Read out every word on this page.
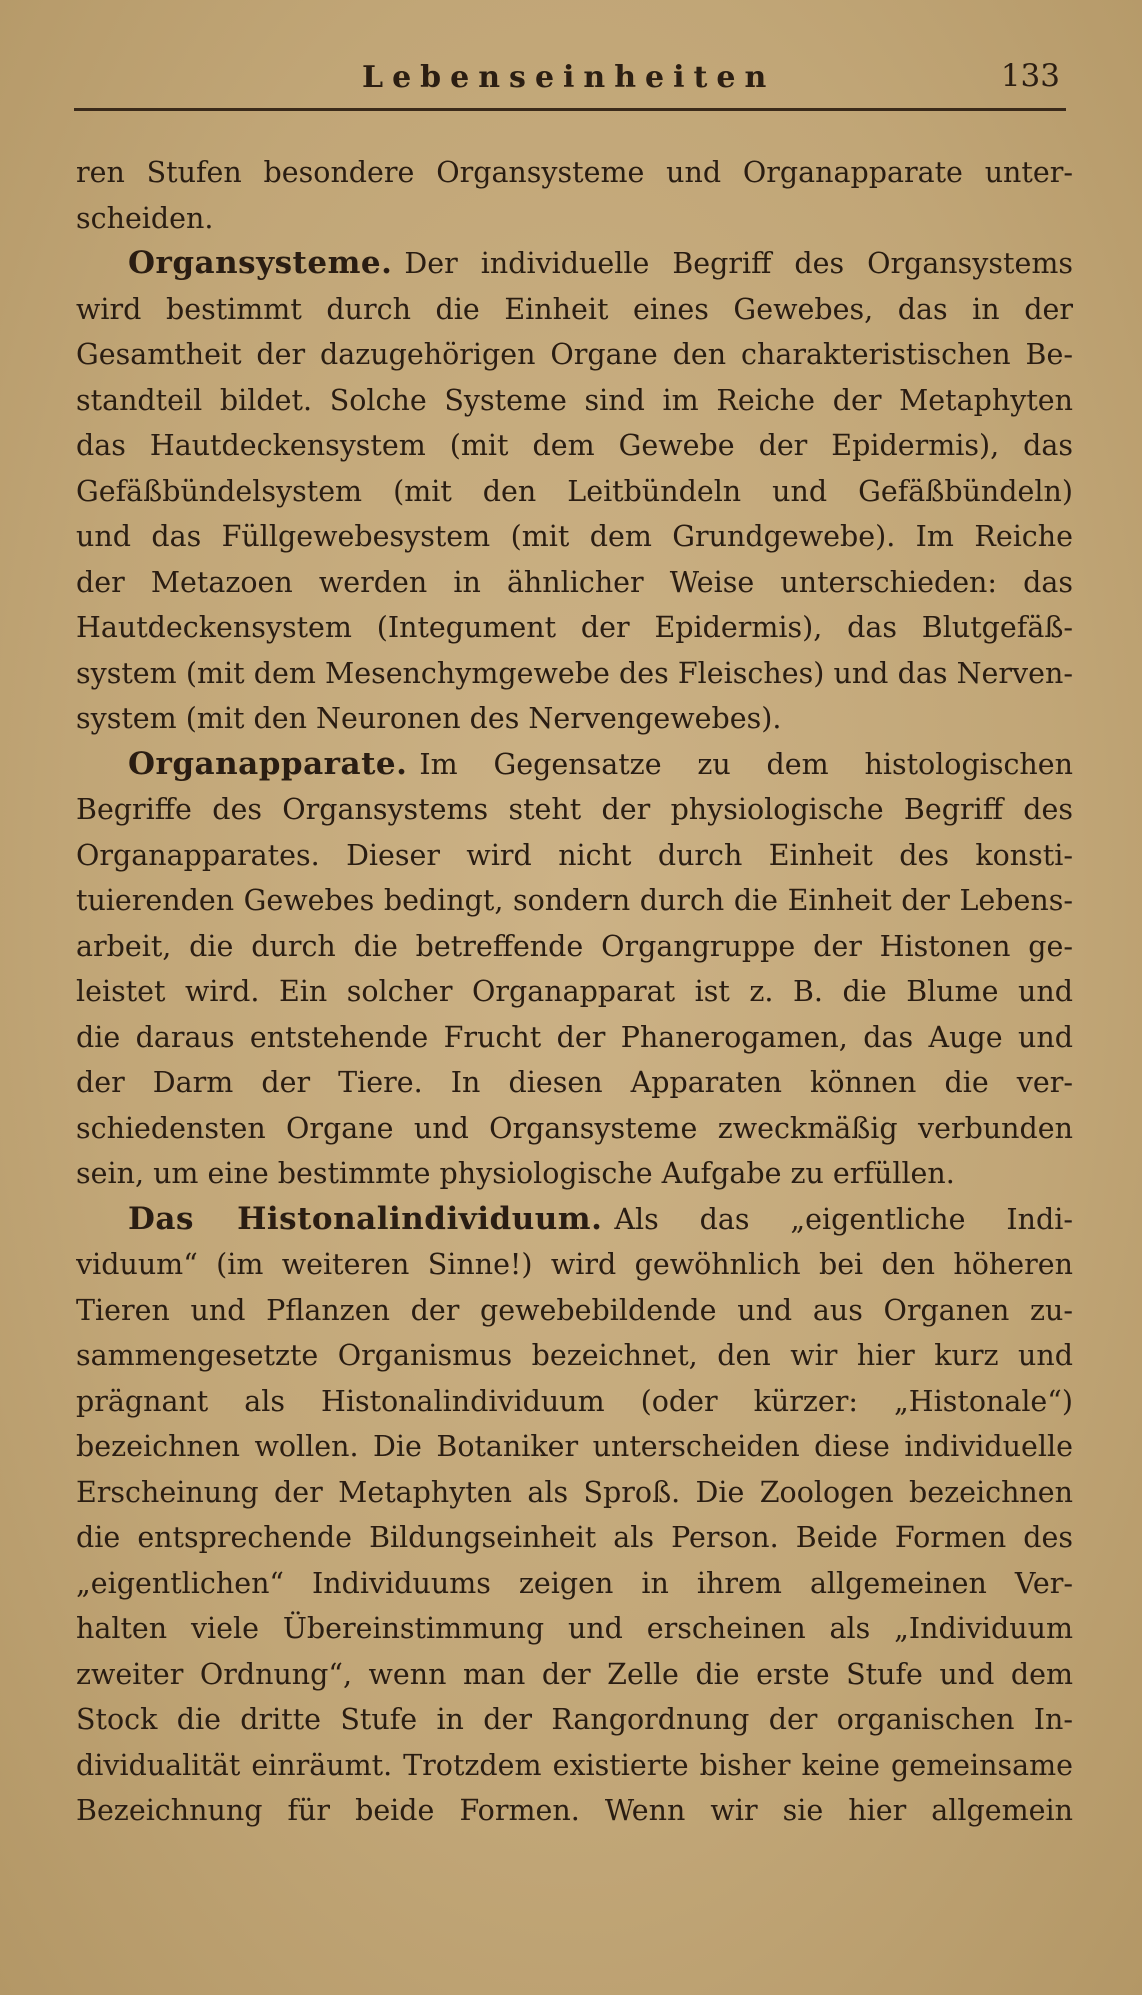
Lebenseinheiten	133
ren Stufen besondere Organsysteme und Organapparate unter-
scheiden.
Organsysteme. Der individuelle Begriff des Organsystems
wird bestimmt durch die Einheit eines Gewebes, das in der
Gesamtheit der dazugehörigen Organe den charakteristischen Be-
standteil bildet. Solche Systeme sind im Reiche der Metaphyten
das Hautdeckensystem (mit dem Gewebe der Epidermis), das
Gefäßbündelsystem (mit den Leitbündeln und Gefäßbündeln)
und das Füllgewebesystem (mit dem Grundgewebe). Im Reiche
der Metazoen werden in ähnlicher Weise unterschieden: das
Hautdeckensystem (Integument der Epidermis), das Blutgefäß-
system (mit dem Mesenchymgewebe des Fleisches) und das Nerven-
system (mit den Neuronen des Nervengewebes).
Organapparate. Im Gegensatze zu dem histologischen
Begriffe des Organsystems steht der physiologische Begriff des
Organapparates. Dieser wird nicht durch Einheit des konsti-
tuierenden Gewebes bedingt, sondern durch die Einheit der Lebens-
arbeit, die durch die betreffende Organgruppe der Histonen ge-
leistet wird. Ein solcher Organapparat ist z. B. die Blume und
die daraus entstehende Frucht der Phanerogamen, das Auge und
der Darm der Tiere. In diesen Apparaten können die ver-
schiedensten Organe und Organsysteme zweckmäßig verbunden
sein, um eine bestimmte physiologische Aufgabe zu erfüllen.
Das Histonalindividuum. Als das „eigentliche Indi-
viduum“ (im weiteren Sinne!) wird gewöhnlich bei den höheren
Tieren und Pflanzen der gewebebildende und aus Organen zu-
sammengesetzte Organismus bezeichnet, den wir hier kurz und
prägnant als Histonalindividuum (oder kürzer: „Histonale“)
bezeichnen wollen. Die Botaniker unterscheiden diese individuelle
Erscheinung der Metaphyten als Sproß. Die Zoologen bezeichnen
die entsprechende Bildungseinheit als Person. Beide Formen des
„eigentlichen“ Individuums zeigen in ihrem allgemeinen Ver-
halten viele Übereinstimmung und erscheinen als „Individuum
zweiter Ordnung“, wenn man der Zelle die erste Stufe und dem
Stock die dritte Stufe in der Rangordnung der organischen In-
dividualität einräumt. Trotzdem existierte bisher keine gemeinsame
Bezeichnung für beide Formen. Wenn wir sie hier allgemein
